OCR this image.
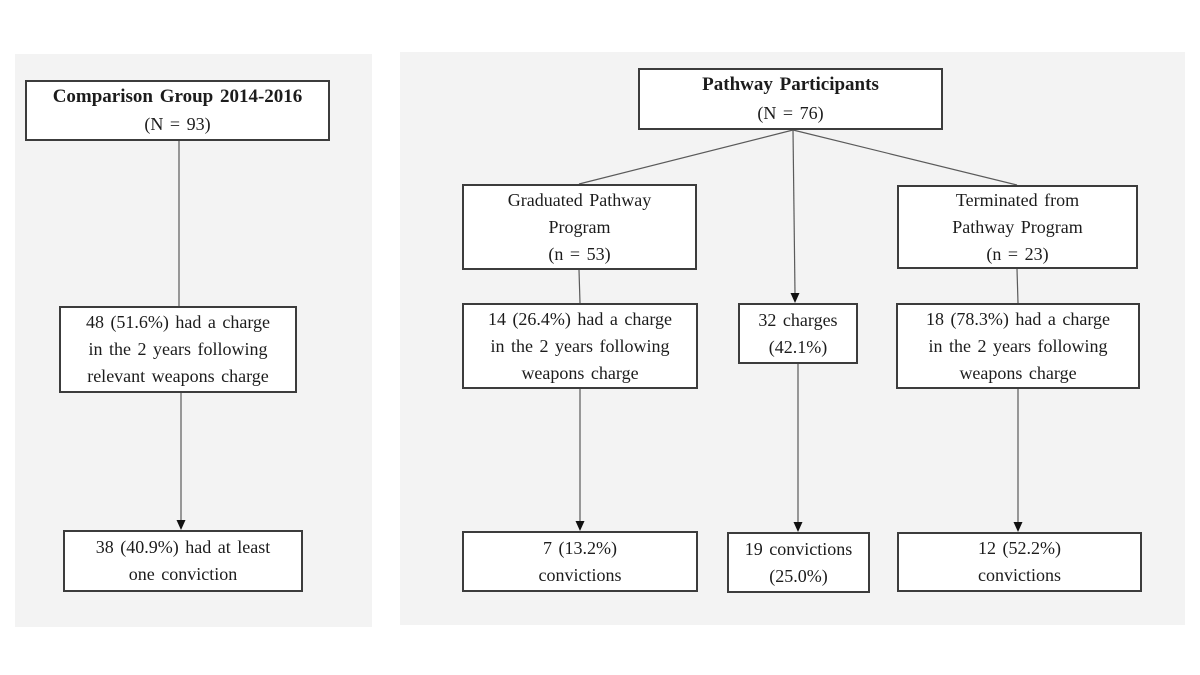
Comparison Group 2014-2016
(N = 93)
48 (51.6%) had a charge
in the 2 years following
relevant weapons charge
38 (40.9%) had at least
one conviction
Pathway Participants
(N = 76)
Graduated Pathway
Program
(n = 53)
Terminated from
Pathway Program
(n = 23)
14 (26.4%) had a charge
in the 2 years following
weapons charge
32 charges
(42.1%)
18 (78.3%) had a charge
in the 2 years following
weapons charge
7 (13.2%)
convictions
19 convictions
(25.0%)
12 (52.2%)
convictions
